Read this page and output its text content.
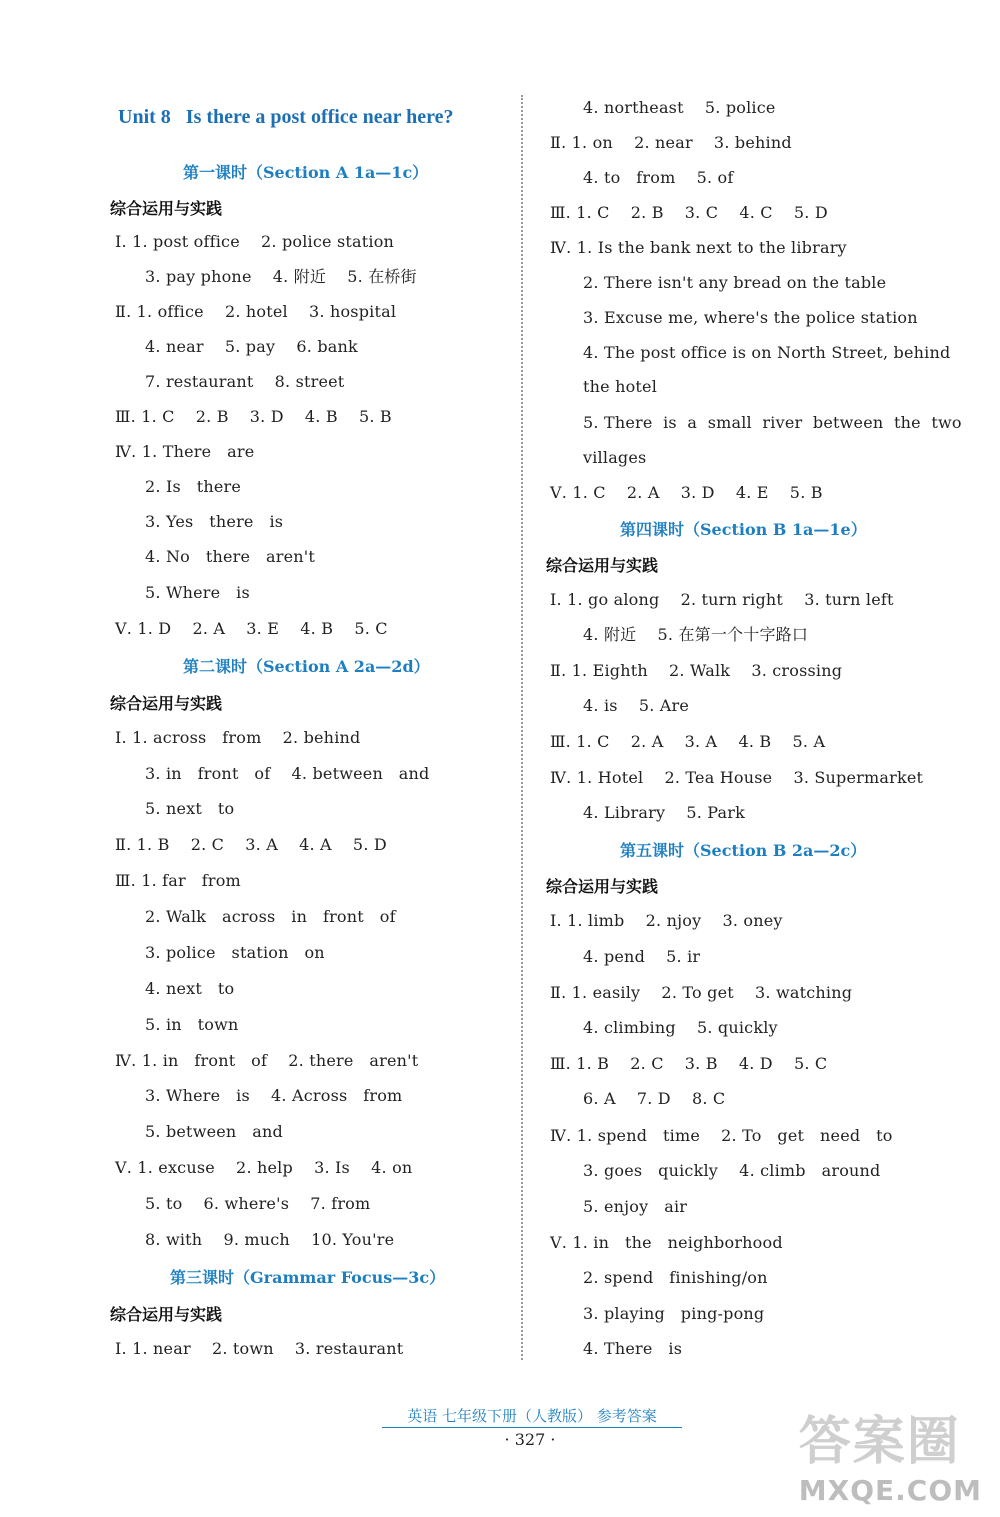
Unit 8   Is there a post office near here?
第一课时（Section A 1a—1c）
综合运用与实践
Ⅰ. 1. post office    2. police station
3. pay phone    4. 附近    5. 在桥街
Ⅱ. 1. office    2. hotel    3. hospital
4. near    5. pay    6. bank
7. restaurant    8. street
Ⅲ. 1. C    2. B    3. D    4. B    5. B
Ⅳ. 1. There   are
2. Is   there
3. Yes   there   is
4. No   there   aren't
5. Where   is
Ⅴ. 1. D    2. A    3. E    4. B    5. C
第二课时（Section A 2a—2d）
综合运用与实践
Ⅰ. 1. across   from    2. behind
3. in   front   of    4. between   and
5. next   to
Ⅱ. 1. B    2. C    3. A    4. A    5. D
Ⅲ. 1. far   from
2. Walk   across   in   front   of
3. police   station   on
4. next   to
5. in   town
Ⅳ. 1. in   front   of    2. there   aren't
3. Where   is    4. Across   from
5. between   and
Ⅴ. 1. excuse    2. help    3. Is    4. on
5. to    6. where's    7. from
8. with    9. much    10. You're
第三课时（Grammar Focus—3c）
综合运用与实践
Ⅰ. 1. near    2. town    3. restaurant
4. northeast    5. police
Ⅱ. 1. on    2. near    3. behind
4. to   from    5. of
Ⅲ. 1. C    2. B    3. C    4. C    5. D
Ⅳ. 1. Is the bank next to the library
2. There isn't any bread on the table
3. Excuse me, where's the police station
4. The post office is on North Street, behind
the hotel
5. There  is  a  small  river  between  the  two
villages
Ⅴ. 1. C    2. A    3. D    4. E    5. B
第四课时（Section B 1a—1e）
综合运用与实践
Ⅰ. 1. go along    2. turn right    3. turn left
4. 附近    5. 在第一个十字路口
Ⅱ. 1. Eighth    2. Walk    3. crossing
4. is    5. Are
Ⅲ. 1. C    2. A    3. A    4. B    5. A
Ⅳ. 1. Hotel    2. Tea House    3. Supermarket
4. Library    5. Park
第五课时（Section B 2a—2c）
综合运用与实践
Ⅰ. 1. limb    2. njoy    3. oney
4. pend    5. ir
Ⅱ. 1. easily    2. To get    3. watching
4. climbing    5. quickly
Ⅲ. 1. B    2. C    3. B    4. D    5. C
6. A    7. D    8. C
Ⅳ. 1. spend   time    2. To   get   need   to
3. goes   quickly    4. climb   around
5. enjoy   air
Ⅴ. 1. in   the   neighborhood
2. spend   finishing/on
3. playing   ping-pong
4. There   is
英语 七年级下册（人教版） 参考答案
· 327 ·	答案圈
MXQE.COM
